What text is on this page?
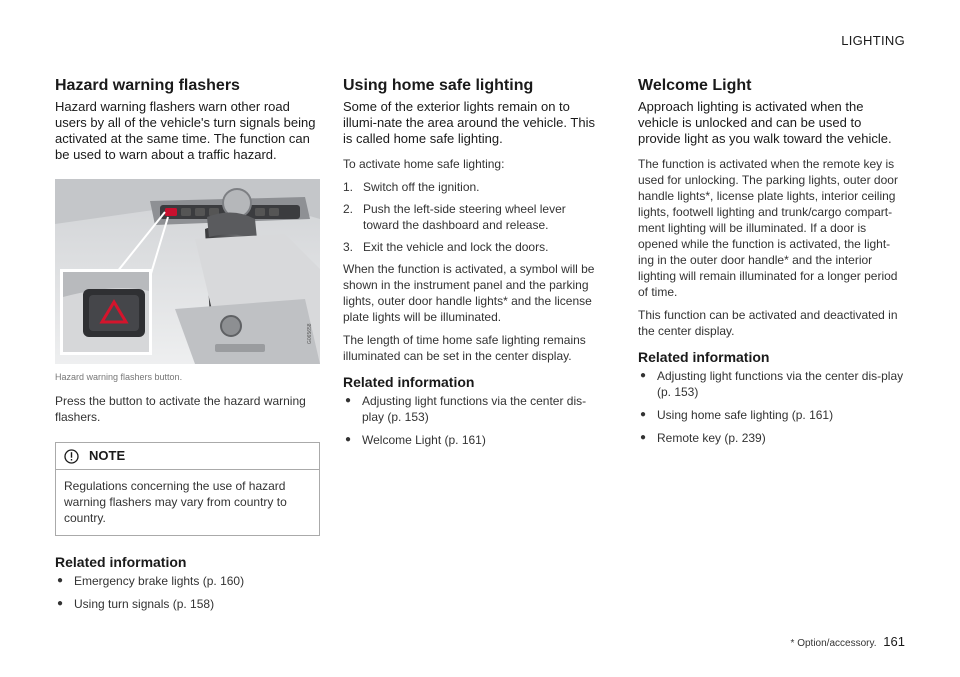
LIGHTING
Hazard warning flashers

Hazard warning flashers warn other road users by all of the vehicle's turn signals being activated at the same time. The function can be used to warn about a traffic hazard.

G065658
Hazard warning flashers button.

Press the button to activate the hazard warning flashers.

NOTE
Regulations concerning the use of hazard warning flashers may vary from country to country.
Related information
● Emergency brake lights (p. 160)
● Using turn signals (p. 158)
Using home safe lighting

Some of the exterior lights remain on to illumi-nate the area around the vehicle. This is called home safe lighting.

To activate home safe lighting:

1. Switch off the ignition.
2. Push the left-side steering wheel lever toward the dashboard and release.
3. Exit the vehicle and lock the doors.

When the function is activated, a symbol will be shown in the instrument panel and the parking lights, outer door handle lights* and the license plate lights will be illuminated.

The length of time home safe lighting remains illuminated can be set in the center display.

Related information
● Adjusting light functions via the center dis-play (p. 153)
● Welcome Light (p. 161)
Welcome Light

Approach lighting is activated when the vehicle is unlocked and can be used to provide light as you walk toward the vehicle.

The function is activated when the remote key is used for unlocking. The parking lights, outer door handle lights*, license plate lights, interior ceiling lights, footwell lighting and trunk/cargo compart-ment lighting will be illuminated. If a door is opened while the function is activated, the light-ing in the outer door handle* and the interior lighting will remain illuminated for a longer period of time.

This function can be activated and deactivated in the center display.

Related information
● Adjusting light functions via the center dis-play (p. 153)
● Using home safe lighting (p. 161)
● Remote key (p. 239)
* Option/accessory. 161
